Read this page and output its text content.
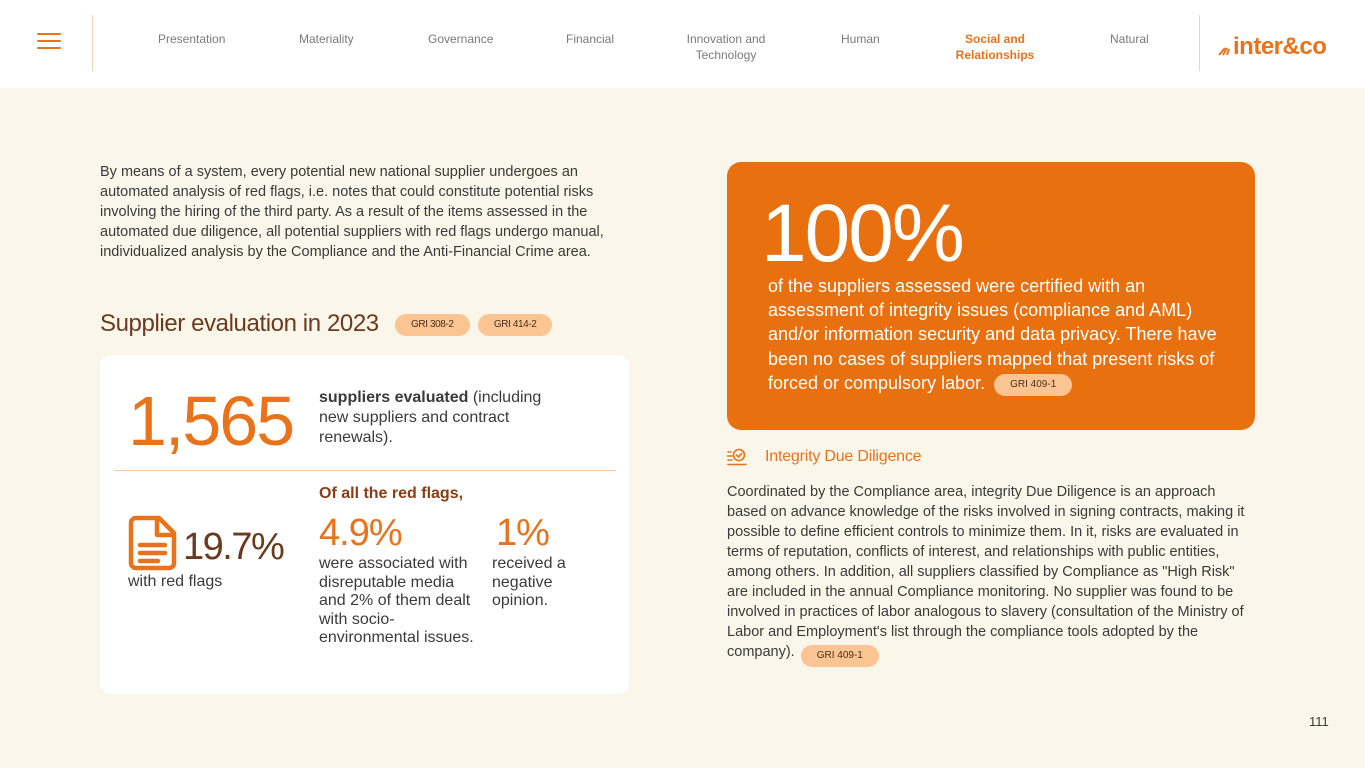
Presentation	Materiality	Governance	Financial	Innovation and
Technology
Human	Social and
Relationships
Natural	inter&co

By means of a system, every potential new national supplier undergoes an automated analysis of red flags, i.e. notes that could constitute potential risks involving the hiring of the third party. As a result of the items assessed in the automated due diligence, all potential suppliers with red flags undergo manual, individualized analysis by the Compliance and the Anti-Financial Crime area.

Supplier evaluation in 2023	GRI 308-2	GRI 414-2
1,565 suppliers evaluated (including new suppliers and contract renewals).
19.7%
with red flags
Of all the red flags,
4.9%
were associated with disreputable media and 2% of them dealt with socio-environmental issues.
1%
received a negative opinion.
100%
of the suppliers assessed were certified with an assessment of integrity issues (compliance and AML) and/or information security and data privacy. There have been no cases of suppliers mapped that present risks of forced or compulsory labor.	GRI 409-1
Integrity Due Diligence
Coordinated by the Compliance area, integrity Due Diligence is an approach based on advance knowledge of the risks involved in signing contracts, making it possible to define efficient controls to minimize them. In it, risks are evaluated in terms of reputation, conflicts of interest, and relationships with public entities, among others. In addition, all suppliers classified by Compliance as "High Risk" are included in the annual Compliance monitoring. No supplier was found to be involved in practices of labor analogous to slavery (consultation of the Ministry of Labor and Employment's list through the compliance tools adopted by the company). GRI 409-1
111
